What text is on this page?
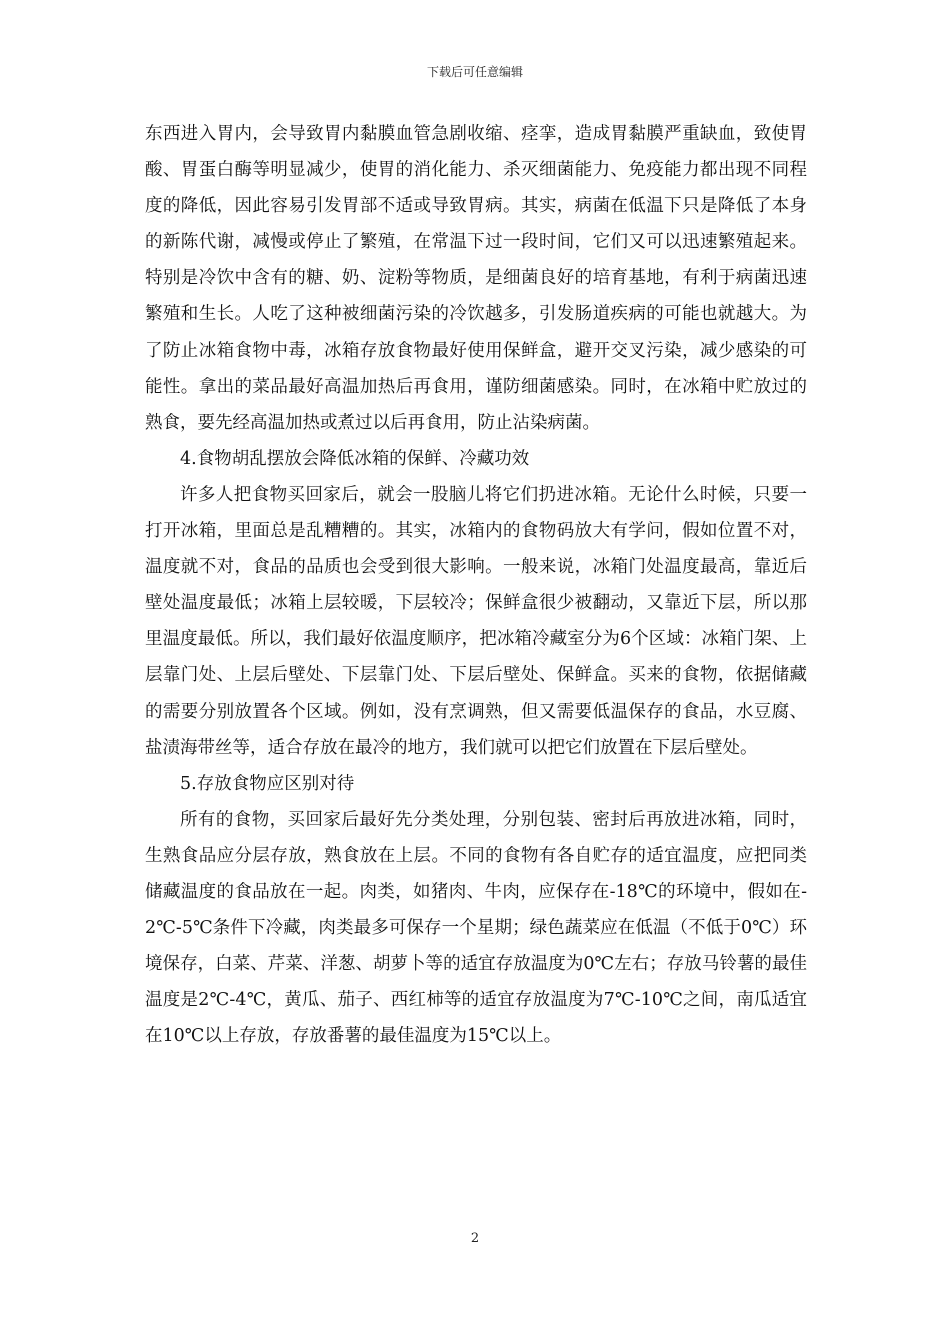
下载后可任意编辑

东西进入胃内，会导致胃内黏膜血管急剧收缩、痉挛，造成胃黏膜严重缺血，致使胃酸、胃蛋白酶等明显减少，使胃的消化能力、杀灭细菌能力、免疫能力都出现不同程度的降低，因此容易引发胃部不适或导致胃病。其实，病菌在低温下只是降低了本身的新陈代谢，减慢或停止了繁殖，在常温下过一段时间，它们又可以迅速繁殖起来。特别是冷饮中含有的糖、奶、淀粉等物质，是细菌良好的培育基地，有利于病菌迅速繁殖和生长。人吃了这种被细菌污染的冷饮越多，引发肠道疾病的可能也就越大。为了防止冰箱食物中毒，冰箱存放食物最好使用保鲜盒，避开交叉污染，减少感染的可能性。拿出的菜品最好高温加热后再食用，谨防细菌感染。同时，在冰箱中贮放过的熟食，要先经高温加热或煮过以后再食用，防止沾染病菌。

4.食物胡乱摆放会降低冰箱的保鲜、冷藏功效

许多人把食物买回家后，就会一股脑儿将它们扔进冰箱。无论什么时候，只要一打开冰箱，里面总是乱糟糟的。其实，冰箱内的食物码放大有学问，假如位置不对，温度就不对，食品的品质也会受到很大影响。一般来说，冰箱门处温度最高，靠近后壁处温度最低；冰箱上层较暖，下层较冷；保鲜盒很少被翻动，又靠近下层，所以那里温度最低。所以，我们最好依温度顺序，把冰箱冷藏室分为6个区域：冰箱门架、上层靠门处、上层后壁处、下层靠门处、下层后壁处、保鲜盒。买来的食物，依据储藏的需要分别放置各个区域。例如，没有烹调熟，但又需要低温保存的食品，水豆腐、盐渍海带丝等，适合存放在最冷的地方，我们就可以把它们放置在下层后壁处。

5.存放食物应区别对待

所有的食物，买回家后最好先分类处理，分别包装、密封后再放进冰箱，同时，生熟食品应分层存放，熟食放在上层。不同的食物有各自贮存的适宜温度，应把同类储藏温度的食品放在一起。肉类，如猪肉、牛肉，应保存在-18℃的环境中，假如在-2℃-5℃条件下冷藏，肉类最多可保存一个星期；绿色蔬菜应在低温（不低于0℃）环境保存，白菜、芹菜、洋葱、胡萝卜等的适宜存放温度为0℃左右；存放马铃薯的最佳温度是2℃-4℃，黄瓜、茄子、西红柿等的适宜存放温度为7℃-10℃之间，南瓜适宜在10℃以上存放，存放番薯的最佳温度为15℃以上。

2
